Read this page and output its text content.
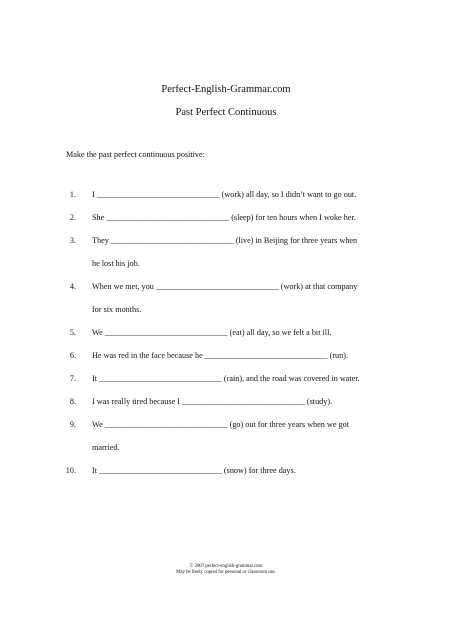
Perfect-English-Grammar.com
Past Perfect Continuous
Make the past perfect continuous positive:
1. I ______________________________ (work) all day, so I didn’t want to go out.
2. She ______________________________ (sleep) for ten hours when I woke her.
3. They ______________________________ (live) in Beijing for three years when
he lost his job.
4. When we met, you ______________________________ (work) at that company
for six months.
5. We ______________________________ (eat) all day, so we felt a bit ill.
6. He was red in the face because he ______________________________ (run).
7. It ______________________________ (rain), and the road was covered in water.
8. I was really tired because I ______________________________ (study).
9. We ______________________________ (go) out for three years when we got
married.
10. It ______________________________ (snow) for three days.
© 2007 perfect-english-grammar.com
May be freely copied for personal or classroom use.
